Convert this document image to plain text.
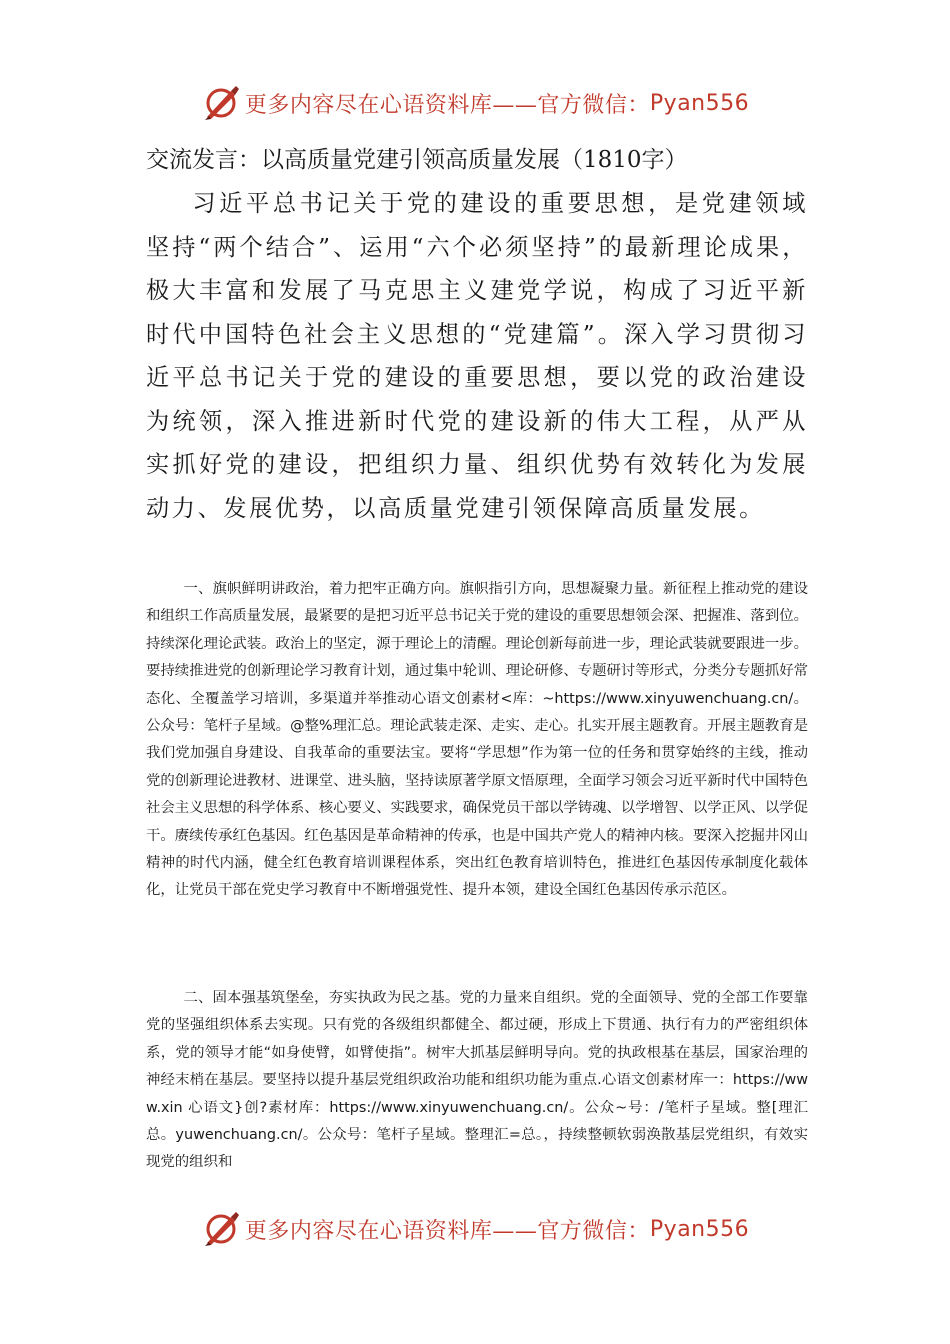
更多内容尽在心语资料库——官方微信： Pyan556
交流发言：以高质量党建引领高质量发展（1810字）
习近平总书记关于党的建设的重要思想，是党建领域坚持“两个结合”、运用“六个必须坚持”的最新理论成果，极大丰富和发展了马克思主义建党学说，构成了习近平新时代中国特色社会主义思想的“党建篇”。深入学习贯彻习近平总书记关于党的建设的重要思想，要以党的政治建设为统领，深入推进新时代党的建设新的伟大工程，从严从实抓好党的建设，把组织力量、组织优势有效转化为发展动力、发展优势，以高质量党建引领保障高质量发展。
一、旗帜鲜明讲政治，着力把牢正确方向。旗帜指引方向，思想凝聚力量。新征程上推动党的建设和组织工作高质量发展，最紧要的是把习近平总书记关于党的建设的重要思想领会深、把握准、落到位。持续深化理论武装。政治上的坚定，源于理论上的清醒。理论创新每前进一步，理论武装就要跟进一步。要持续推进党的创新理论学习教育计划，通过集中轮训、理论研修、专题研讨等形式，分类分专题抓好常态化、全覆盖学习培训，多渠道并举推动心语文创素材<库：~https://www.xinyuwenchuang.cn/。公众号：笔杆子星域。@整%理汇总。理论武装走深、走实、走心。扎实开展主题教育。开展主题教育是我们党加强自身建设、自我革命的重要法宝。要将“学思想”作为第一位的任务和贯穿始终的主线，推动党的创新理论进教材、进课堂、进头脑，坚持读原著学原文悟原理，全面学习领会习近平新时代中国特色社会主义思想的科学体系、核心要义、实践要求，确保党员干部以学铸魂、以学增智、以学正风、以学促干。赓续传承红色基因。红色基因是革命精神的传承，也是中国共产党人的精神内核。要深入挖掘井冈山精神的时代内涵，健全红色教育培训课程体系，突出红色教育培训特色，推进红色基因传承制度化载体化，让党员干部在党史学习教育中不断增强党性、提升本领，建设全国红色基因传承示范区。
二、固本强基筑堡垒，夯实执政为民之基。党的力量来自组织。党的全面领导、党的全部工作要靠党的坚强组织体系去实现。只有党的各级组织都健全、都过硬，形成上下贯通、执行有力的严密组织体系，党的领导才能“如身使臂，如臂使指”。树牢大抓基层鲜明导向。党的执政根基在基层，国家治理的神经末梢在基层。要坚持以提升基层党组织政治功能和组织功能为重点.心语文创素材库一：https://www.xin 心语文}创?素材库：https://www.xinyuwenchuang.cn/。公众~号：/笔杆子星域。整[理汇总。yuwenchuang.cn/。公众号：笔杆子星域。整理汇=总。，持续整顿软弱涣散基层党组织，有效实现党的组织和
更多内容尽在心语资料库——官方微信： Pyan556
